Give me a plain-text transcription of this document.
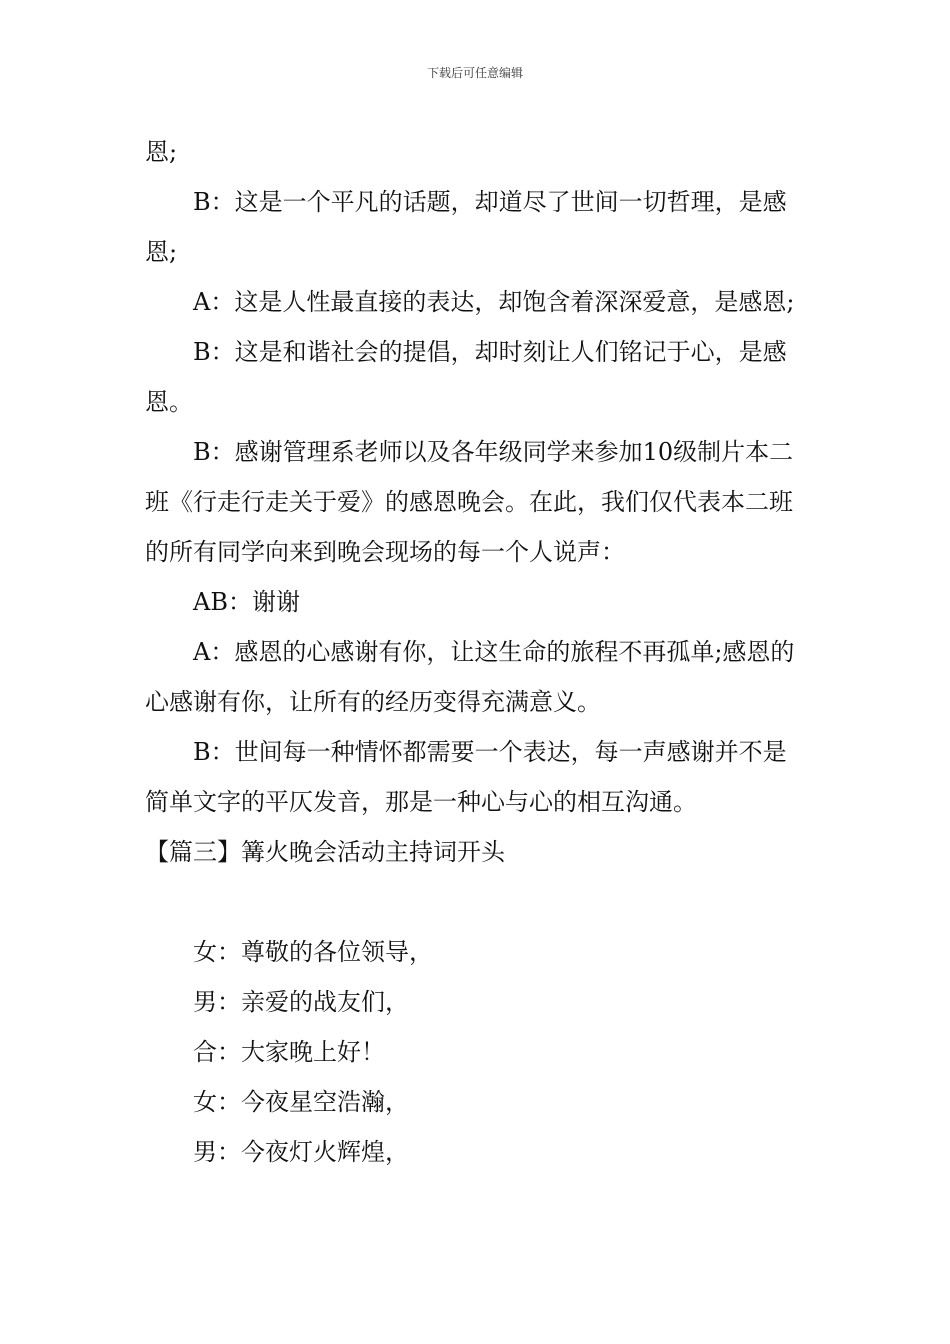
下载后可任意编辑

恩;

B：这是一个平凡的话题，却道尽了世间一切哲理，是感恩;

A：这是人性最直接的表达，却饱含着深深爱意，是感恩;

B：这是和谐社会的提倡，却时刻让人们铭记于心，是感恩。

B：感谢管理系老师以及各年级同学来参加10级制片本二班《行走行走关于爱》的感恩晚会。在此，我们仅代表本二班的所有同学向来到晚会现场的每一个人说声：

AB：谢谢

A：感恩的心感谢有你，让这生命的旅程不再孤单;感恩的心感谢有你，让所有的经历变得充满意义。

B：世间每一种情怀都需要一个表达，每一声感谢并不是简单文字的平仄发音，那是一种心与心的相互沟通。

【篇三】篝火晚会活动主持词开头

女：尊敬的各位领导，

男：亲爱的战友们，

合：大家晚上好！

女：今夜星空浩瀚，

男：今夜灯火辉煌，
